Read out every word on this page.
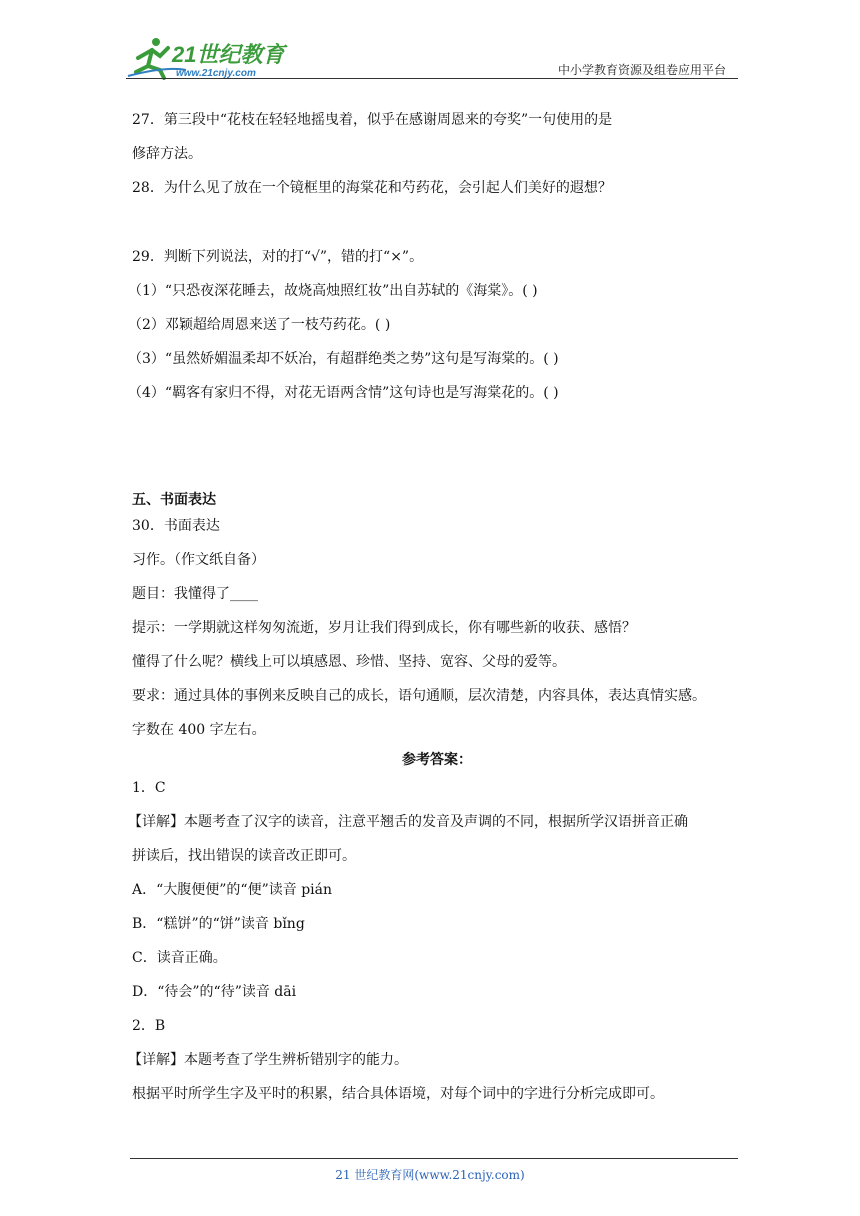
21世纪教育
www.21cnjy.com	中小学教育资源及组卷应用平台
27．第三段中“花枝在轻轻地摇曳着，似乎在感谢周恩来的夸奖”一句使用的是
修辞方法。
28．为什么见了放在一个镜框里的海棠花和芍药花，会引起人们美好的遐想？
29．判断下列说法，对的打“√”，错的打“×”。
（1）“只恐夜深花睡去，故烧高烛照红妆”出自苏轼的《海棠》。( )
（2）邓颖超给周恩来送了一枝芍药花。( )
（3）“虽然娇媚温柔却不妖冶，有超群绝类之势”这句是写海棠的。( )
（4）“羁客有家归不得，对花无语两含情”这句诗也是写海棠花的。( )
五、书面表达
30．书面表达
习作。（作文纸自备）
题目：我懂得了____
提示：一学期就这样匆匆流逝，岁月让我们得到成长，你有哪些新的收获、感悟？
懂得了什么呢？横线上可以填感恩、珍惜、坚持、宽容、父母的爱等。
要求：通过具体的事例来反映自己的成长，语句通顺，层次清楚，内容具体，表达真情实感。
字数在 400 字左右。
参考答案：
1．C
【详解】本题考查了汉字的读音，注意平翘舌的发音及声调的不同，根据所学汉语拼音正确
拼读后，找出错误的读音改正即可。
A．“大腹便便”的“便”读音 pián
B．“糕饼”的“饼”读音 bǐng
C．读音正确。
D．“待会”的“待”读音 dāi
2．B
【详解】本题考查了学生辨析错别字的能力。
根据平时所学生字及平时的积累，结合具体语境，对每个词中的字进行分析完成即可。
21 世纪教育网(www.21cnjy.com)
